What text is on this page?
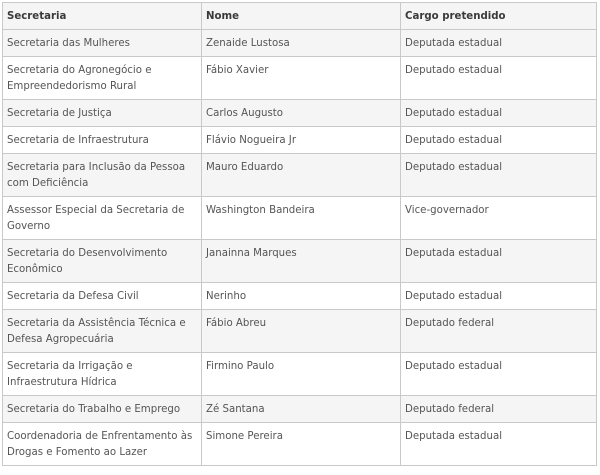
Secretaria	Nome	Cargo pretendido
Secretaria das Mulheres	Zenaide Lustosa	Deputada estadual
Secretaria do Agronegócio e Empreendedorismo Rural	Fábio Xavier	Deputado estadual
Secretaria de Justiça	Carlos Augusto	Deputado estadual
Secretaria de Infraestrutura	Flávio Nogueira Jr	Deputado estadual
Secretaria para Inclusão da Pessoa com Deficiência	Mauro Eduardo	Deputado estadual
Assessor Especial da Secretaria de Governo	Washington Bandeira	Vice-governador
Secretaria do Desenvolvimento Econômico	Janainna Marques	Deputada estadual
Secretaria da Defesa Civil	Nerinho	Deputado estadual
Secretaria da Assistência Técnica e Defesa Agropecuária	Fábio Abreu	Deputado federal
Secretaria da Irrigação e Infraestrutura Hídrica	Firmino Paulo	Deputado estadual
Secretaria do Trabalho e Emprego	Zé Santana	Deputado federal
Coordenadoria de Enfrentamento às Drogas e Fomento ao Lazer	Simone Pereira	Deputada estadual
